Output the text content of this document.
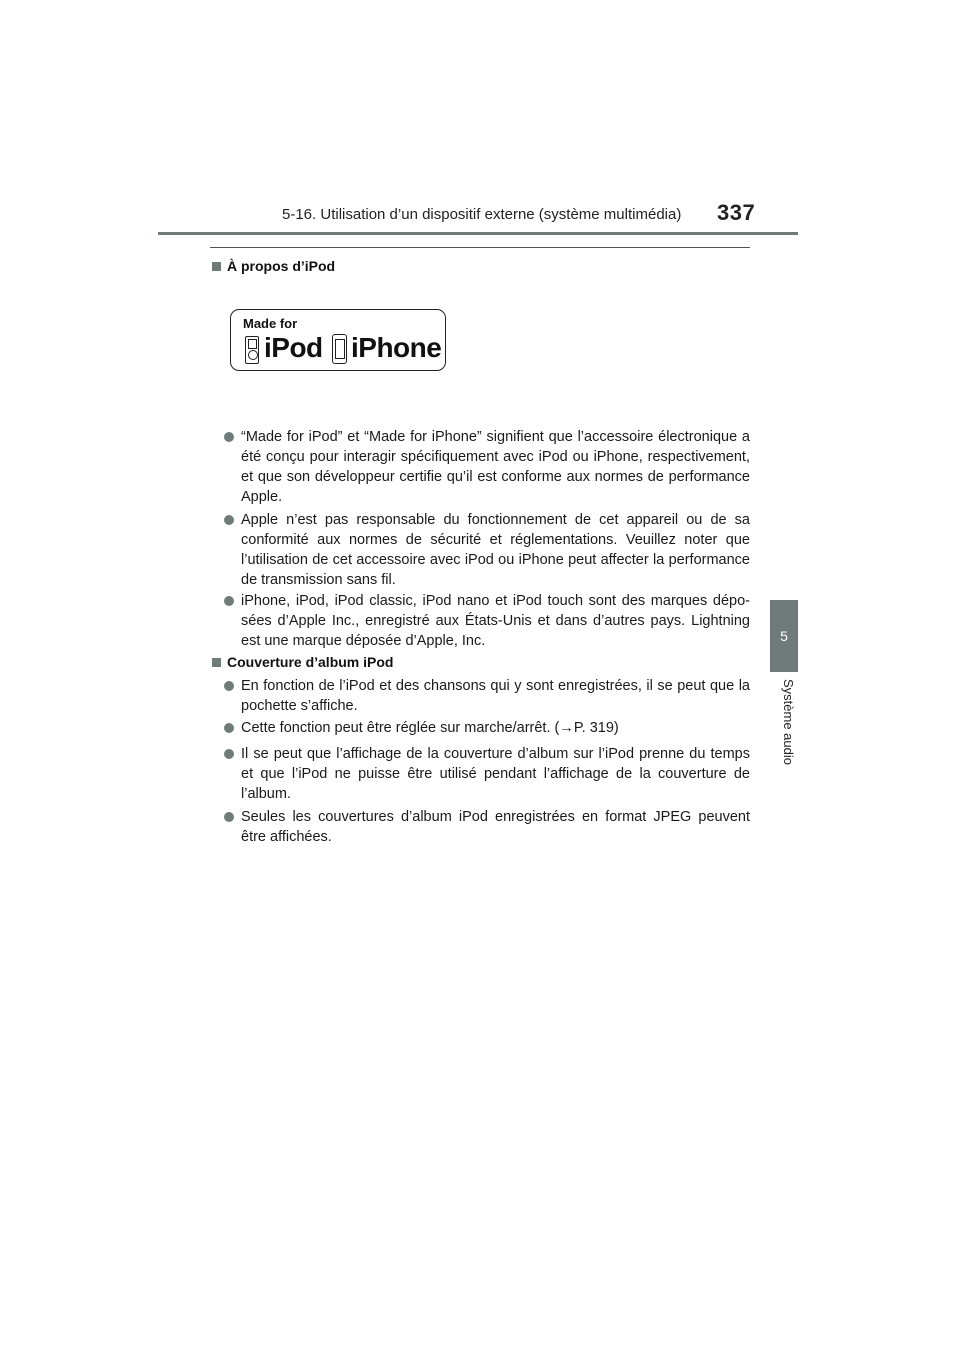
5-16. Utilisation d’un dispositif externe (système multimédia) 337
5
Système audio
À propos d’iPod
Made for
iPod iPhone
“Made for iPod” et “Made for iPhone” signifient que l’accessoire électronique a été conçu pour interagir spécifiquement avec iPod ou iPhone, respectivement, et que son développeur certifie qu’il est conforme aux normes de performance Apple.
Apple n’est pas responsable du fonctionnement de cet appareil ou de sa conformité aux normes de sécurité et réglementations. Veuillez noter que l’utilisation de cet accessoire avec iPod ou iPhone peut affecter la performance de transmission sans fil.
iPhone, iPod, iPod classic, iPod nano et iPod touch sont des marques déposées d’Apple Inc., enregistré aux États-Unis et dans d’autres pays. Lightning est une marque déposée d’Apple, Inc.
Couverture d’album iPod
En fonction de l’iPod et des chansons qui y sont enregistrées, il se peut que la pochette s’affiche.
Cette fonction peut être réglée sur marche/arrêt. (→P. 319)
Il se peut que l’affichage de la couverture d’album sur l’iPod prenne du temps et que l’iPod ne puisse être utilisé pendant l’affichage de la couverture de l’album.
Seules les couvertures d’album iPod enregistrées en format JPEG peuvent être affichées.
